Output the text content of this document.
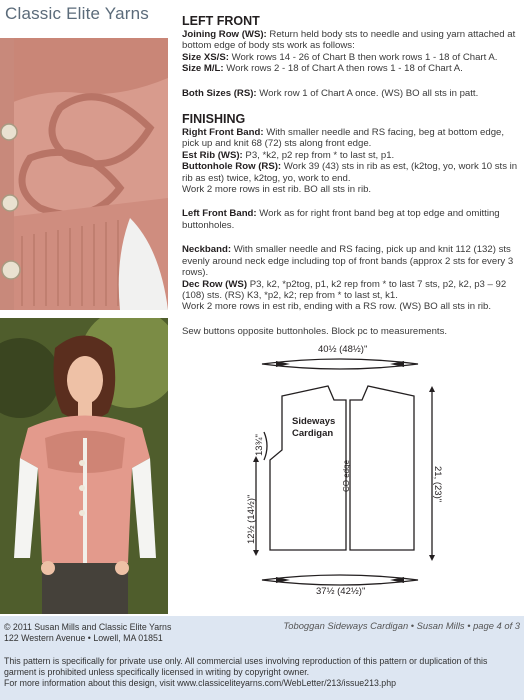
Classic Elite Yarns	LEFT FRONT

Joining Row (WS): Return held body sts to needle and using yarn attached at bottom edge of body sts work as follows:

Size XS/S: Work rows 14 - 26 of Chart B then work rows 1 - 18 of Chart A.

Size M/L: Work rows 2 - 18 of Chart A then rows 1 - 18 of Chart A.

Both Sizes (RS): Work row 1 of Chart A once. (WS) BO all sts in patt.

FINISHING

Right Front Band: With smaller needle and RS facing, beg at bottom edge, pick up and knit 68 (72) sts along front edge.

Est Rib (WS): P3, *k2, p2 rep from * to last st, p1.

Buttonhole Row (RS): Work 39 (43) sts in rib as est, (k2tog, yo, work 10 sts in rib as est) twice, k2tog, yo, work to end.

Work 2 more rows in est rib. BO all sts in rib.

Left Front Band: Work as for right front band beg at top edge and omitting buttonholes.

Neckband: With smaller needle and RS facing, pick up and knit 112 (132) sts evenly around neck edge including top of front bands (approx 2 sts for every 3 rows).

Dec Row (WS) P3, k2, *p2tog, p1, k2 rep from * to last 7 sts, p2, k2, p3 – 92 (108) sts. (RS) K3, *p2, k2; rep from * to last st, k1.

Work 2 more rows in est rib, ending with a RS row. (WS) BO all sts in rib.

Sew buttons opposite buttonholes. Block pc to measurements.

40½ (48½)"
37½ (42½)"
21, (23)"
12½ (14½)"
13¾"
Sideways
Cardigan
CO edge
© 2011 Susan Mills and Classic Elite Yarns
122 Western Avenue • Lowell, MA 01851
Toboggan Sideways Cardigan • Susan Mills • page 4 of 3
This pattern is specifically for private use only. All commercial uses involving reproduction of this pattern or duplication of this garment is prohibited unless specifically licensed in writing by copyright owner.
For more information about this design, visit www.classiceliteyarns.com/WebLetter/213/issue213.php
